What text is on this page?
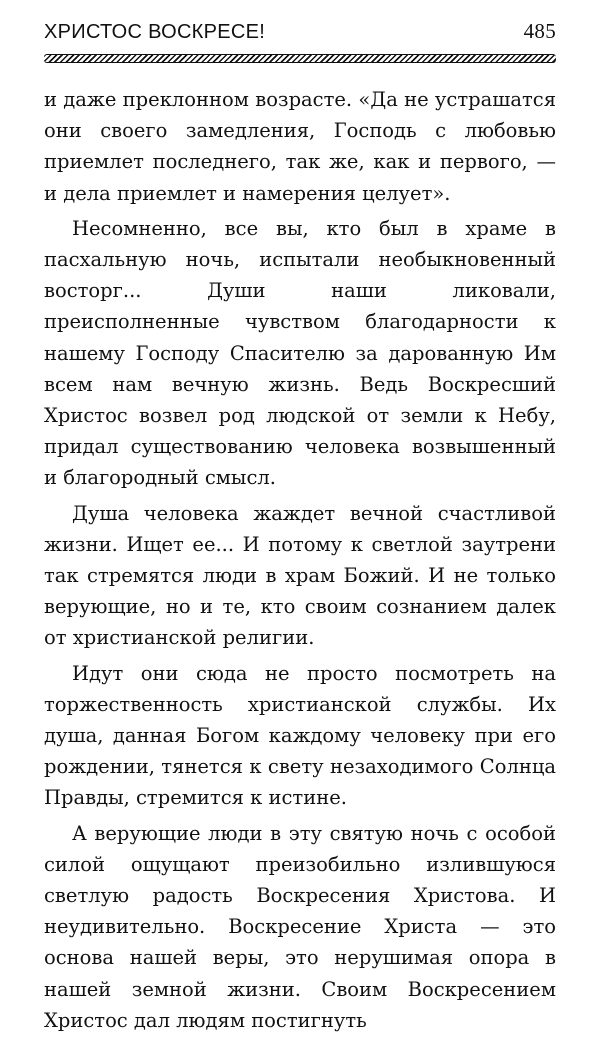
ХРИСТОС ВОСКРЕСЕ!	485

и даже преклонном возрасте. «Да не устрашатся они своего замедления, Господь с любовью приемлет последнего, так же, как и первого, — и дела приемлет и намерения целует».

Несомненно, все вы, кто был в храме в пасхальную ночь, испытали необыкновенный восторг... Души наши ликовали, преисполненные чувством благодарности к нашему Господу Спасителю за дарованную Им всем нам вечную жизнь. Ведь Воскресший Христос возвел род людской от земли к Небу, придал существованию человека возвышенный и благородный смысл.

Душа человека жаждет вечной счастливой жизни. Ищет ее... И потому к светлой заутрени так стремятся люди в храм Божий. И не только верующие, но и те, кто своим сознанием далек от христианской религии.

Идут они сюда не просто посмотреть на торжественность христианской службы. Их душа, данная Богом каждому человеку при его рождении, тянется к свету незаходимого Солнца Правды, стремится к истине.

А верующие люди в эту святую ночь с особой силой ощущают преизобильно излившуюся светлую радость Воскресения Христова. И неудивительно. Воскресение Христа — это основа нашей веры, это нерушимая опора в нашей земной жизни. Своим Воскресением Христос дал людям постигнуть
